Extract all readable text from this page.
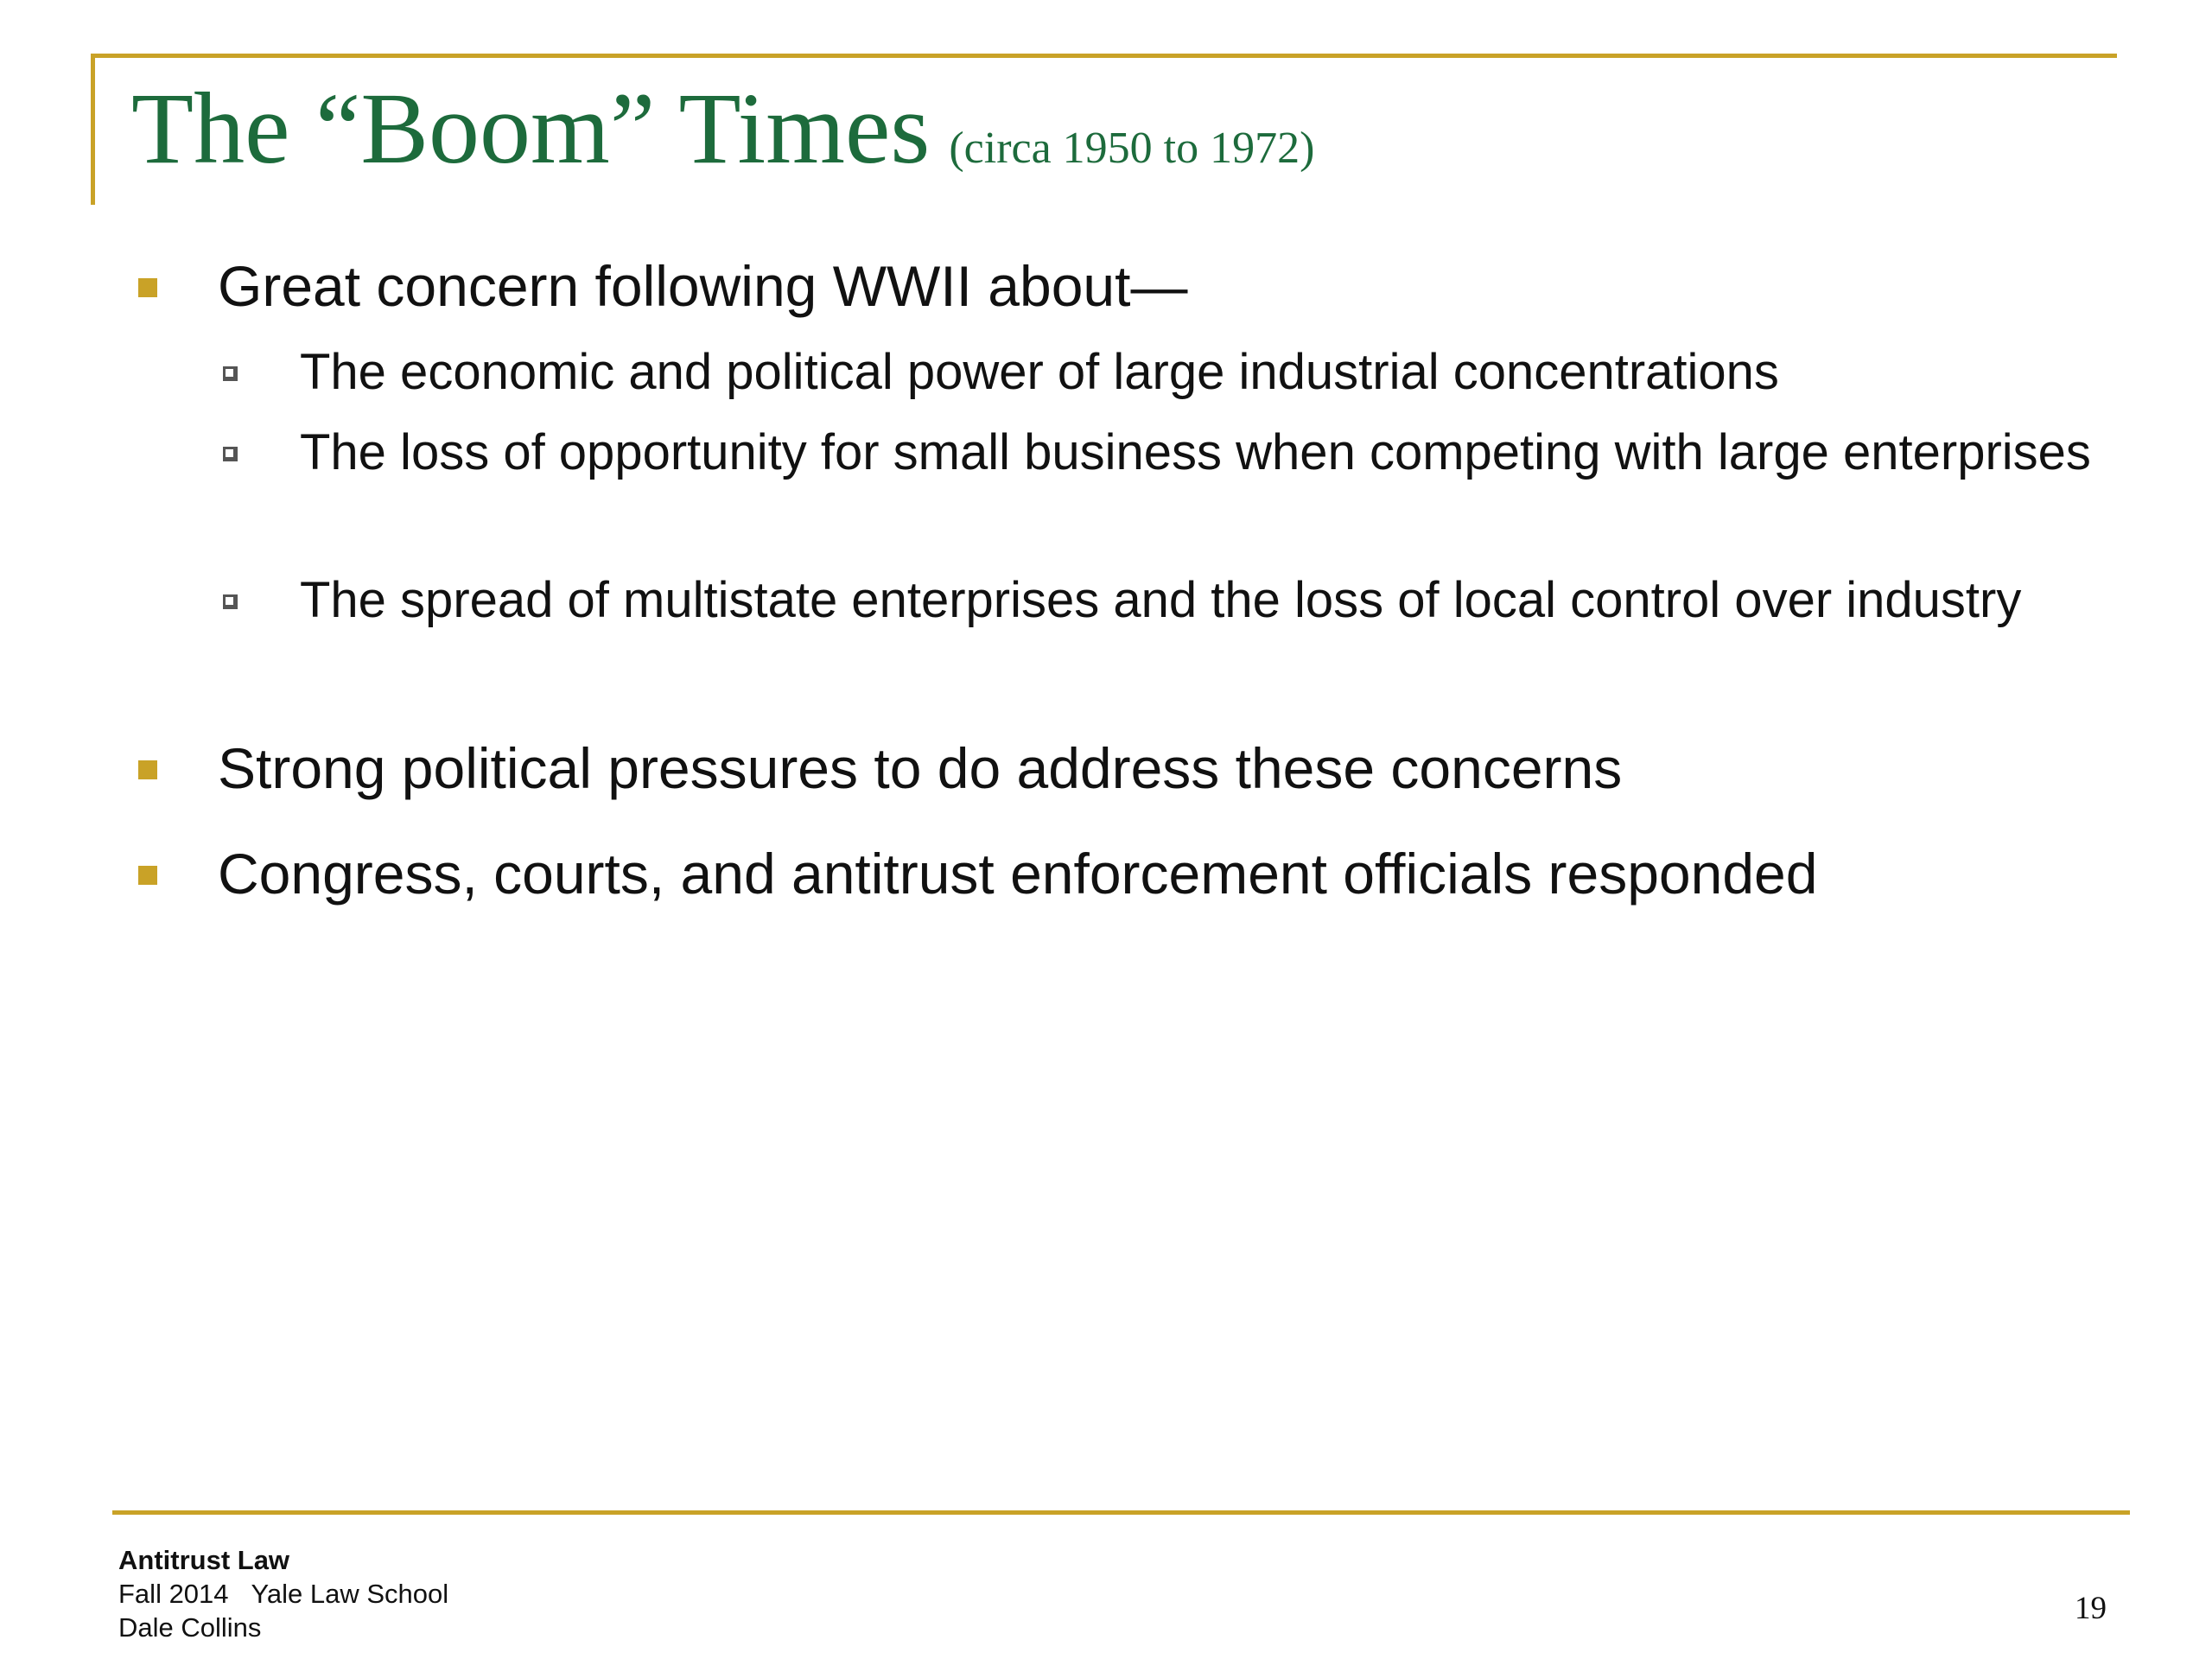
The “Boom” Times (circa 1950 to 1972)
Great concern following WWII about—
The economic and political power of large industrial concentrations
The loss of opportunity for small business when competing with large enterprises
The spread of multistate enterprises and the loss of local control over industry
Strong political pressures to do address these concerns
Congress, courts, and antitrust enforcement officials responded
Antitrust Law
Fall 2014 Yale Law School
Dale Collins
19
